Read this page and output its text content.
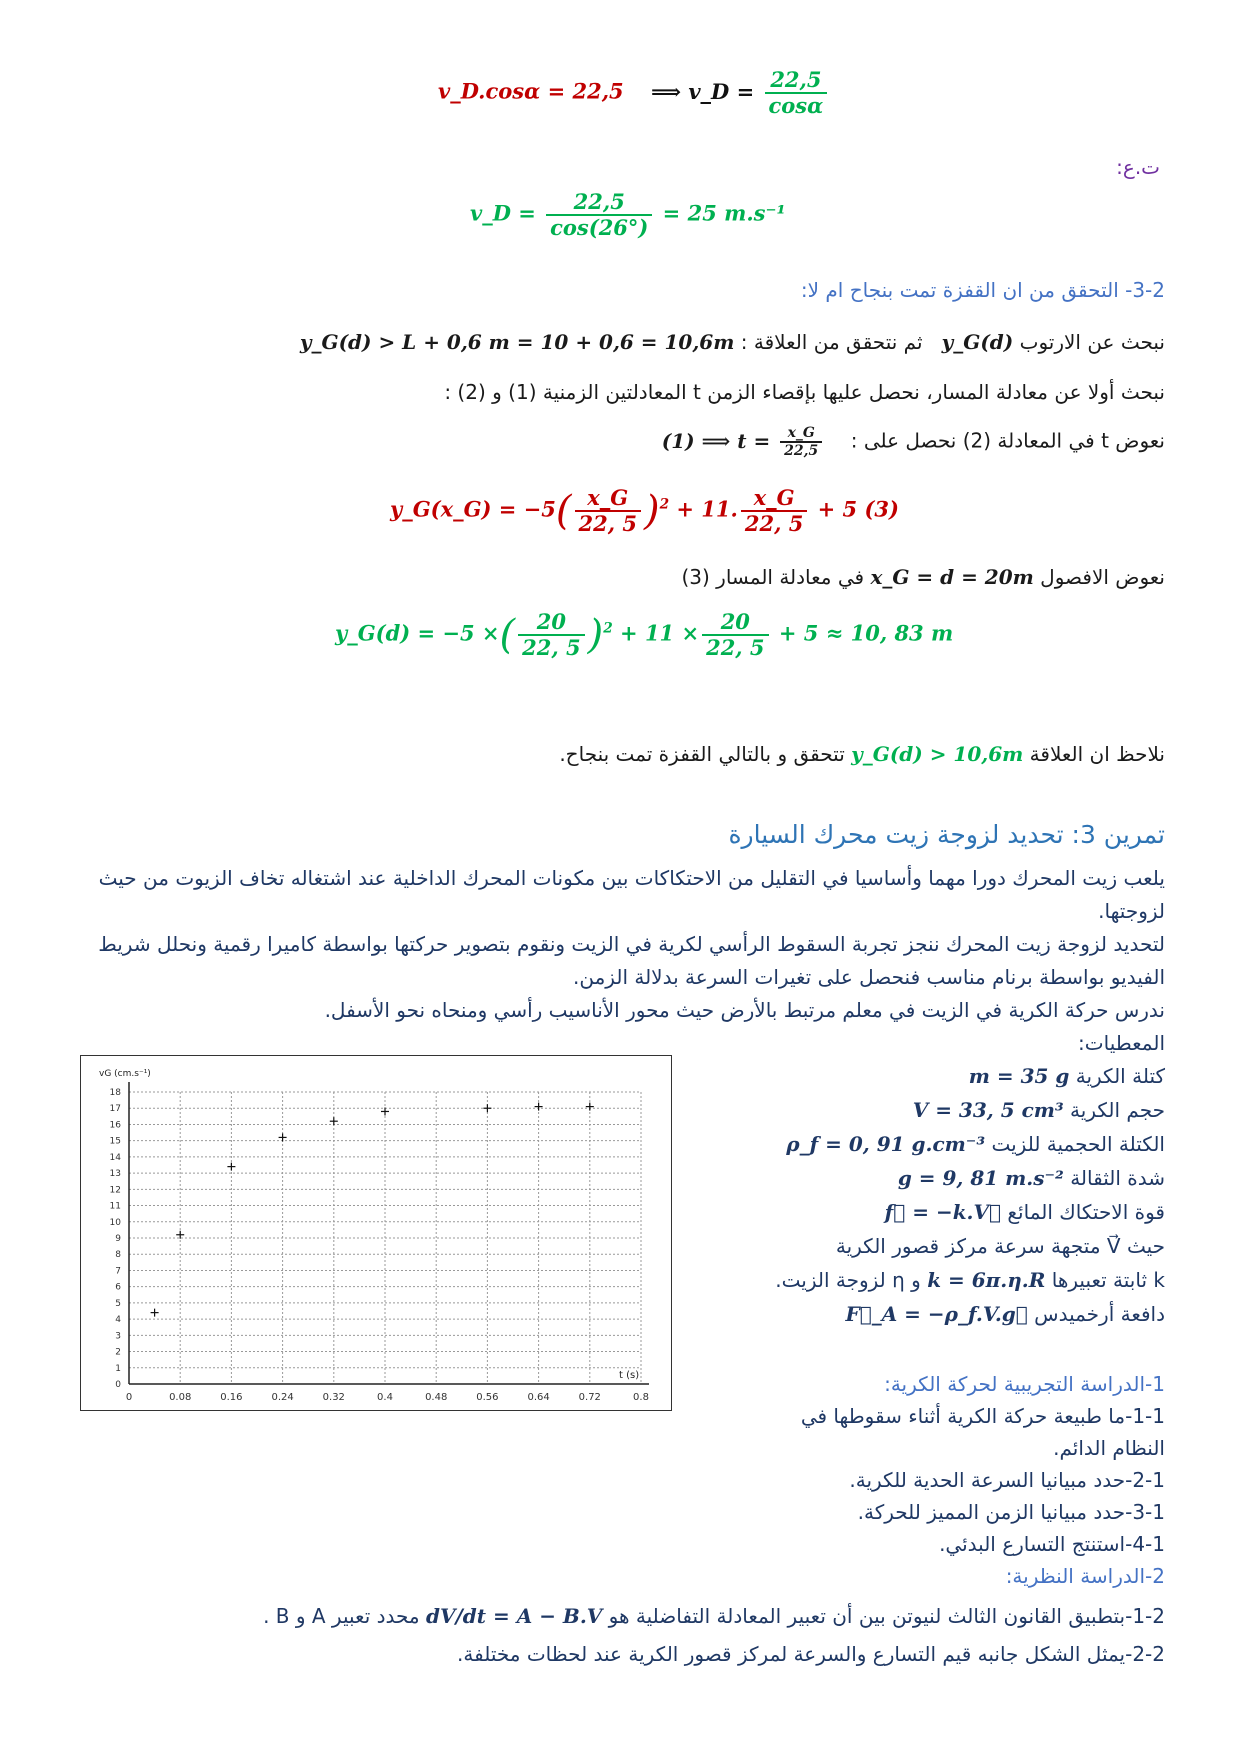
v_D.cosα = 22,5 ⟹ v_D = $\frac{22,5}{\cos\alpha}$
ت.ع:
v_D = $\frac{22,5}{\cos(26^\circ)} = 25$ m.s⁻¹
3-2- التحقق من ان القفزة تمت بنجاح ام لا:
نبحث عن الارتوب y_G(d)   ثم نتحقق من العلاقة : y_G(d) > L + 0,6 m = 10 + 0,6 = 10,6m
نبحث أولا عن معادلة المسار، نحصل عليها بإقصاء الزمن t المعادلتين الزمنية (1) و (2) :
نعوض t في المعادلة (2) نحصل على :    (1) ⟹ $t = \frac{x\_G}{22,5}$
y_G(x_G) = $-5( \frac{x\_G}{22, 5} )^2 + 11$. $\frac{x\_G}{22, 5} + 5$ (3)
نعوض الافصول x_G = d = 20m في معادلة المسار (3)
y_G(d) = −5 ×( $\frac{20}{22, 5} )^2 + 11 \times \frac{20}{22, 5} + 5 \approx 10$, 83 m
نلاحظ ان العلاقة y_G(d) > 10,6m تتحقق و بالتالي القفزة تمت بنجاح.
تمرين 3: تحديد لزوجة زيت محرك السيارة
يلعب زيت المحرك دورا مهما وأساسيا في التقليل من الاحتكاكات بين مكونات المحرك الداخلية عند اشتغاله تخاف الزيوت من حيث لزوجتها.
لتحديد لزوجة زيت المحرك ننجز تجربة السقوط الرأسي لكرية في الزيت ونقوم بتصوير حركتها بواسطة كاميرا رقمية ونحلل شريط الفيديو بواسطة برنام مناسب فنحصل على تغيرات السرعة بدلالة الزمن.
ندرس حركة الكرية في الزيت في معلم مرتبط بالأرض حيث محور الأناسيب رأسي ومنحاه نحو الأسفل.
المعطيات:
كتلة الكرية m = 35 g
حجم الكرية V = 33, 5 cm³
الكتلة الحجمية للزيت ρ_f = 0, 91 g.cm⁻³
شدة الثقالة g = 9, 81 m.s⁻²
قوة الاحتكاك المائع f⃗ = −k.V⃗
حيث V⃗ متجهة سرعة مركز قصور الكرية
k ثابتة تعبيرها k = 6π.η.R و η لزوجة الزيت.
دافعة أرخميدس F⃗_A = −ρ_f.V.g⃗
1-الدراسة التجريبية لحركة الكرية:
1-1-ما طبيعة حركة الكرية أثناء سقوطها في
النظام الدائم.
2-1-حدد مبيانيا السرعة الحدية للكرية.
3-1-حدد مبيانيا الزمن المميز للحركة.
4-1-استنتج التسارع البدئي.
2-الدراسة النظرية:
1-2-بتطبيق القانون الثالث لنيوتن بين أن تعبير المعادلة التفاضلية هو dV/dt = A − B.V محدد تعبير A و B .
2-2-يمثل الشكل جانبه قيم التسارع والسرعة لمركز قصور الكرية عند لحظات مختلفة.
0	0.08	0.16	0.24	0.32	0.4	0.48	0.56	0.64	0.72	0.8
0
1
2
3
4
5
6
7
8
9
10
11
12
13
14
15
16
17
18
vG (cm.s⁻¹)
t (s)
